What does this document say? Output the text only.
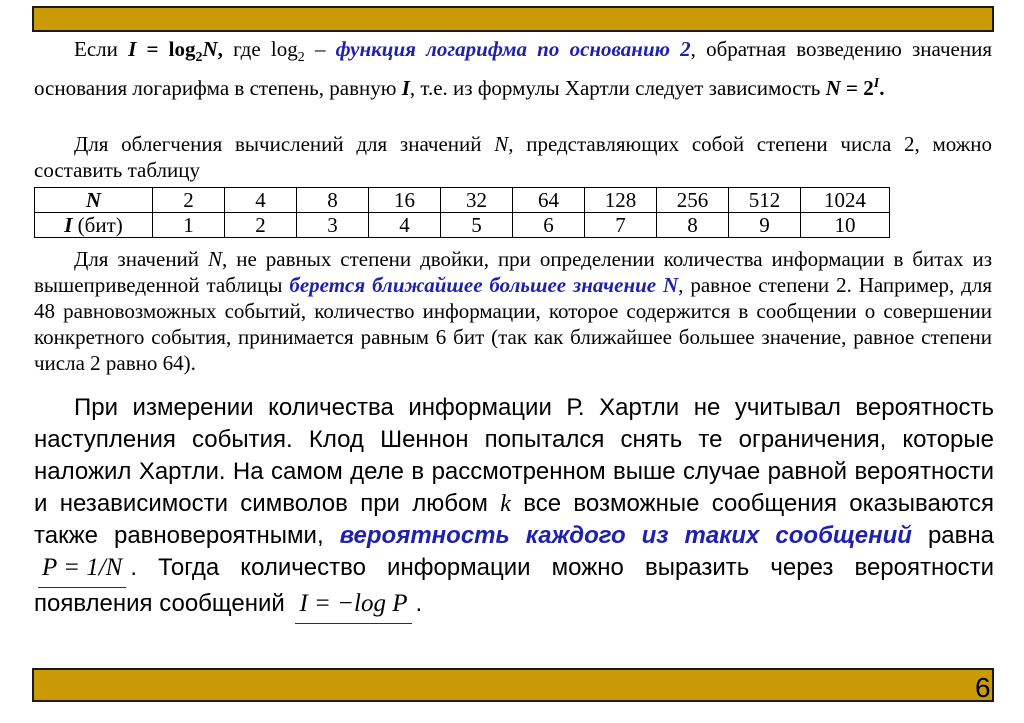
Если $I = \log_2N$, где $\log_2$ – функция логарифма по основанию 2, обратная возведению значения основания логарифма в степень, равную I, т.е. из формулы Хартли следует зависимость $N = 2^I$.
Для облегчения вычислений для значений N, представляющих собой степени числа 2, можно составить таблицу
N	2	4	8	16	32	64	128	256	512	1024
I (бит)	1	2	3	4	5	6	7	8	9	10
Для значений N, не равных степени двойки, при определении количества информации в битах из вышеприведенной таблицы берется ближайшее большее значение N, равное степени 2. Например, для 48 равновозможных событий, количество информации, которое содержится в сообщении о совершении конкретного события, принимается равным 6 бит (так как ближайшее большее значение, равное степени числа 2 равно 64).
При измерении количества информации Р. Хартли не учитывал вероятность наступления события. Клод Шеннон попытался снять те ограничения, которые наложил Хартли. На самом деле в рассмотренном выше случае равной вероятности и независимости символов при любом k все возможные сообщения оказываются также равновероятными, вероятность каждого из таких сообщений равна P = 1/N . Тогда количество информации можно выразить через вероятности появления сообщений I = −log P .
6
